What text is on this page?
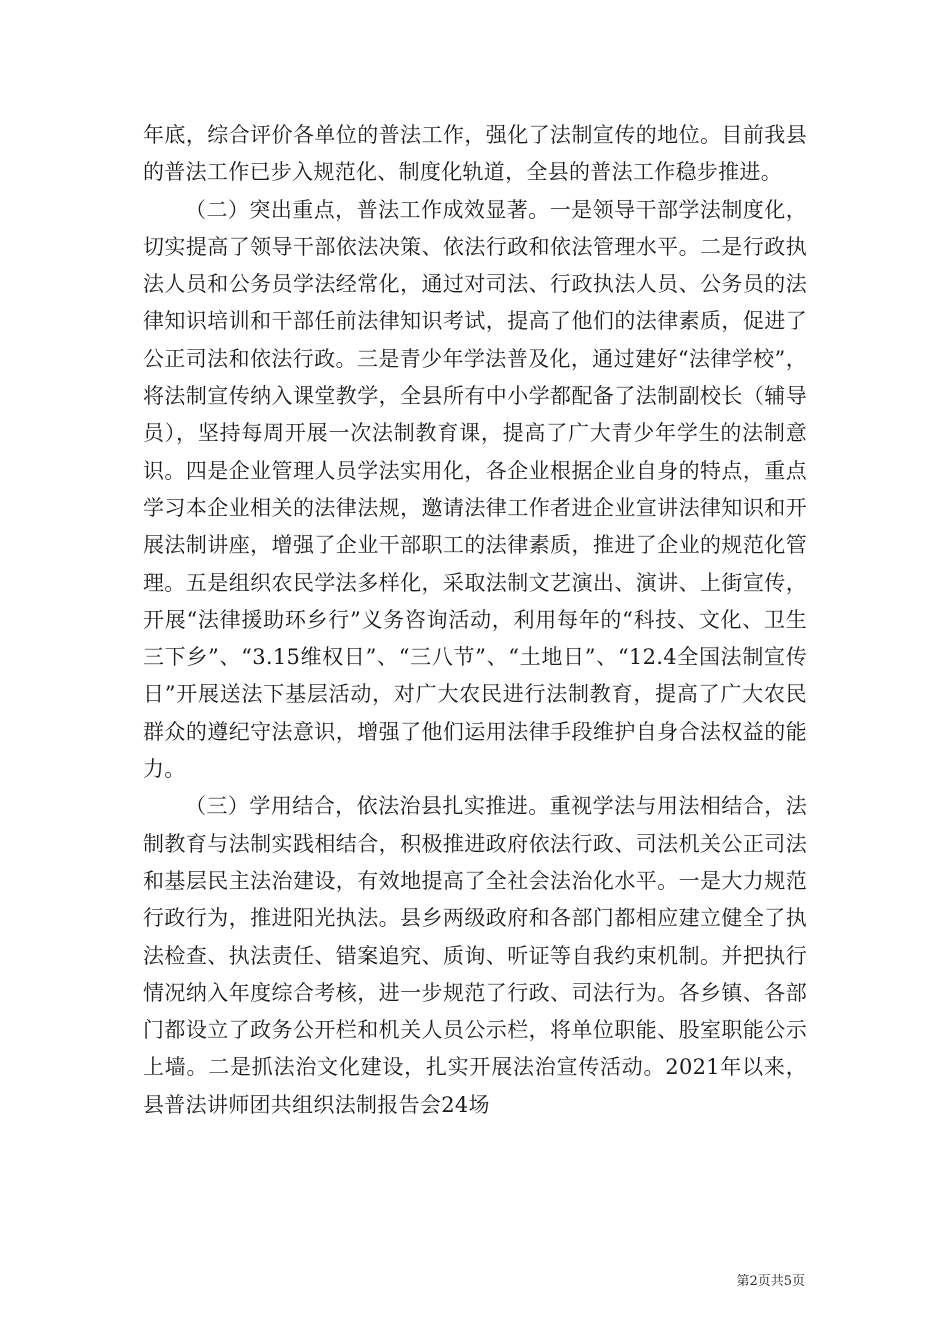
年底，综合评价各单位的普法工作，强化了法制宣传的地位。目前我县的普法工作已步入规范化、制度化轨道，全县的普法工作稳步推进。

（二）突出重点，普法工作成效显著。一是领导干部学法制度化，切实提高了领导干部依法决策、依法行政和依法管理水平。二是行政执法人员和公务员学法经常化，通过对司法、行政执法人员、公务员的法律知识培训和干部任前法律知识考试，提高了他们的法律素质，促进了公正司法和依法行政。三是青少年学法普及化，通过建好“法律学校”，将法制宣传纳入课堂教学，全县所有中小学都配备了法制副校长（辅导员），坚持每周开展一次法制教育课，提高了广大青少年学生的法制意识。四是企业管理人员学法实用化，各企业根据企业自身的特点，重点学习本企业相关的法律法规，邀请法律工作者进企业宣讲法律知识和开展法制讲座，增强了企业干部职工的法律素质，推进了企业的规范化管理。五是组织农民学法多样化，采取法制文艺演出、演讲、上街宣传，开展“法律援助环乡行”义务咨询活动，利用每年的“科技、文化、卫生三下乡”、“3.15维权日”、“三八节”、“土地日”、“12.4全国法制宣传日”开展送法下基层活动，对广大农民进行法制教育，提高了广大农民群众的遵纪守法意识，增强了他们运用法律手段维护自身合法权益的能力。

（三）学用结合，依法治县扎实推进。重视学法与用法相结合，法制教育与法制实践相结合，积极推进政府依法行政、司法机关公正司法和基层民主法治建设，有效地提高了全社会法治化水平。一是大力规范行政行为，推进阳光执法。县乡两级政府和各部门都相应建立健全了执法检查、执法责任、错案追究、质询、听证等自我约束机制。并把执行情况纳入年度综合考核，进一步规范了行政、司法行为。各乡镇、各部门都设立了政务公开栏和机关人员公示栏，将单位职能、股室职能公示上墙。二是抓法治文化建设，扎实开展法治宣传活动。2021年以来，县普法讲师团共组织法制报告会24场

第2页共5页
